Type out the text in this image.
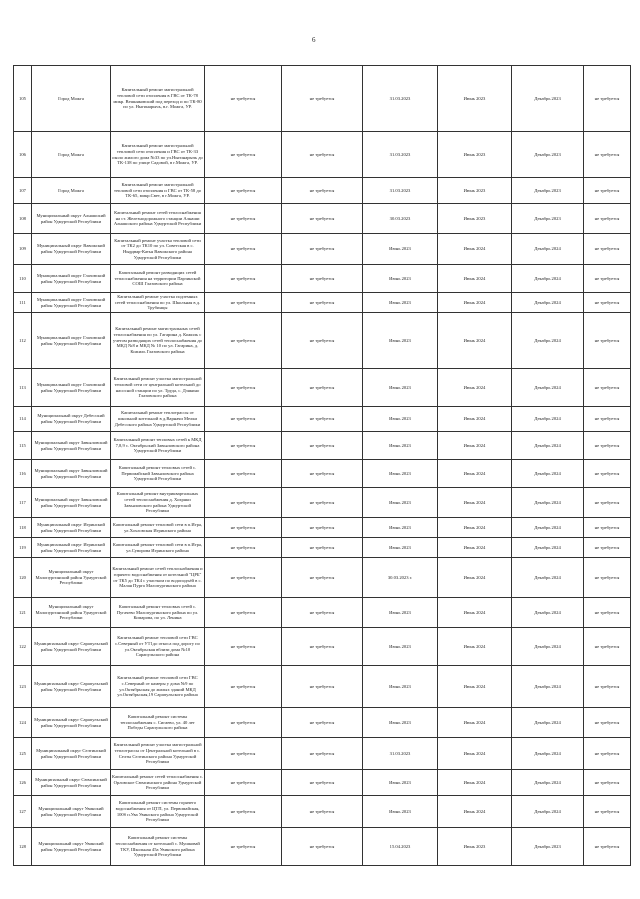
6
105	Город Можга	Капитальный ремонт магистральной тепловой сети отопления в ГВС от ТК-78 микр. Вешняковский под переход и по ТК-80 по ул. Ныгинарычь, в.г. Можга, УР.	не требуется	не требуется	31.03.2023	Июнь 2023	Декабрь 2023	не требуется
106	Город Можга	Капитальный ремонт магистральной тепловой сети отопления и ГВС от ТК-33 около жилого дома №33 по ул.Ныгинарычь до ТК-138 по улице Садовой, в г.Можга, УР.	не требуется	не требуется	31.03.2023	Июнь 2023	Декабрь 2023	не требуется
107	Город Можга	Капитальный ремонт магистральной тепловой сети отопления и ГВС от ТК-58 до ТК-65, микр.Свет, в г.Можга, УР.	не требуется	не требуется	31.03.2023	Июнь 2023	Декабрь 2023	не требуется
108	Муниципальный округ Алнашский район Удмуртской Республики	Капитальный ремонт сетей теплоснабжения на ст. Железнодорожного станции Алнаши Алнашского района Удмуртской Республики	не требуется	не требуется	30.03.2023	Июнь 2023	Декабрь 2023	не требуется
109	Муниципальный округ Вавожский район Удмуртской Республики	Капитальный ремонт участка тепловой сети от ТК2 до ТК10 по ул. Советская в с. Нырдвар-Катья Вавожского района Удмуртской Республики	не требуется	не требуется	Июнь 2023	Июнь 2024	Декабрь 2024	не требуется
110	Муниципальный округ Глазовский район Удмуртской Республики	Капитальный ремонт разводящих сетей теплоснабжения на территории Парзинской СОШ Глазовского района	не требуется	не требуется	Июнь 2023	Июнь 2024	Декабрь 2024	не требуется
111	Муниципальный округ Глазовский район Удмуртской Республики	Капитальный ремонт участка подземных сетей теплоснабжения по ул. Школьная в д. Трубинцы	не требуется	не требуется	Июнь 2023	Июнь 2024	Декабрь 2024	не требуется
112	Муниципальный округ Глазовский район Удмуртской Республики	Капитальный ремонт магистральных сетей теплоснабжения по ул. Гагарина д. Кожиль с учетом разводящих сетей теплоснабжения до МКД №8 и МКД № 10 по ул. Гагарина, д. Кожиль Глазовского района	не требуется	не требуется	Июнь 2023	Июнь 2024	Декабрь 2024	не требуется
113	Муниципальный округ Глазовский район Удмуртской Республики	Капитальный ремонт участка магистральной тепловой сети от центральной котельной до насосной станции по ул. Труда, с. Дзякино Глазовского района	не требуется	не требуется	Июнь 2023	Июнь 2024	Декабрь 2024	не требуется
114	Муниципальный округ Дебесский район Удмуртской Республики	Капитальный ремонт теплотрассы от школьной котельной в д.Варначи Мелки Дебесского района Удмуртской Республики	не требуется	не требуется	Июнь 2023	Июнь 2024	Декабрь 2024	не требуется
115	Муниципальный округ Завьяловский район Удмуртской Республики	Капитальный ремонт тепловых сетей к МКД 7,8,9 с. Октябрьский Завьяловского района Удмуртской Республики	не требуется	не требуется	Июнь 2023	Июнь 2024	Декабрь 2024	не требуется
116	Муниципальный округ Завьяловский район Удмуртской Республики	Капитальный ремонт тепловых сетей с. Первомайский Завьяловского района Удмуртской Республики	не требуется	не требуется	Июнь 2023	Июнь 2024	Декабрь 2024	не требуется
117	Муниципальный округ Завьяловский район Удмуртской Республики	Капитальный ремонт внутриквартальных сетей теплоснабжения д. Хохряки Завьяловского района Удмуртской Республики	не требуется	не требуется	Июнь 2023	Июнь 2024	Декабрь 2024	не требуется
118	Муниципальный округ Игринский район Удмуртской Республики	Капитальный ремонт тепловой сети в п.Игра, ул.Хохловская Игринского района	не требуется	не требуется	Июнь 2023	Июнь 2024	Декабрь 2024	не требуется
119	Муниципальный округ Игринский район Удмуртской Республики	Капитальный ремонт тепловой сети в п.Игра, ул.Суворова Игринского района	не требуется	не требуется	Июнь 2023	Июнь 2024	Декабрь 2024	не требуется
120	Муниципальный округ Малопургинский район Удмуртской Республики	Капитальный ремонт сетей теплоснабжения и горячего водоснабжения от котельной "ЦРБ" от ТК5 до ТК4 с участком по водоподъёй в с. Малая Пурга Малопургинского района	не требуется	не требуется	30.03.2023 г.	Июнь 2024	Декабрь 2024	не требуется
121	Муниципальный округ Малопургинский район Удмуртской Республики	Капитальный ремонт тепловых сетей с. Пугачево Малопургинского района по ул. Комарова, по ул. Ленина	не требуется	не требуется	Июнь 2023	Июнь 2024	Декабрь 2024	не требуется
122	Муниципальный округ Сарапульский район Удмуртской Республики	Капитальный ремонт тепловой сети ГВС с.Северный от УТ1до откоса под дорогу по ул.Октябрьская вблизи дома №10 Сарапульского района	не требуется	не требуется	Июнь 2023	Июнь 2024	Декабрь 2024	не требуется
123	Муниципальный округ Сарапульский район Удмуртской Республики	Капитальный ремонт тепловой сети ГВС с.Северный от камеры у дома №9 по ул.Октябрьская до жилых зданий МКД ул.Октябрьская,19 Сарапульского района	не требуется	не требуется	Июнь 2023	Июнь 2024	Декабрь 2024	не требуется
124	Муниципальный округ Сарапульский район Удмуртской Республики	Капитальный ремонт системы теплоснабжения с. Сигаево, ул. 40 лет Победы Сарапульского района	не требуется	не требуется	Июнь 2023	Июнь 2024	Декабрь 2024	не требуется
125	Муниципальный округ Селтинский район Удмуртской Республики	Капитальный ремонт участка магистральной теплотрассы от Центральной котельной в с. Селты Селтинского района Удмуртской Республики	не требуется	не требуется	31.03.2023	Июнь 2024	Декабрь 2024	не требуется
126	Муниципальный округ Сюмсинский район Удмуртской Республики	Капитальный ремонт сетей теплоснабжения с. Орловское Сюмсинского района Удмуртской Республики	не требуется	не требуется	Июнь 2023	Июнь 2024	Декабрь 2024	не требуется
127	Муниципальный округ Увинский район Удмуртской Республики	Капитальный ремонт системы горячего водоснабжения от ЦТП, ул. Первомайская, 100б п.Ува Увинского района Удмуртской Республики	не требуется	не требуется	Июнь 2023	Июнь 2024	Декабрь 2024	не требуется
128	Муниципальный округ Увинский район Удмуртской Республики	Капитальный ремонт системы теплоснабжения от котельной с. Мушковай ТКУ, Школьная 45а Увинского района Удмуртской Республики	не требуется	не требуется	15.04.2023	Июнь 2023	Декабрь 2023	не требуется
